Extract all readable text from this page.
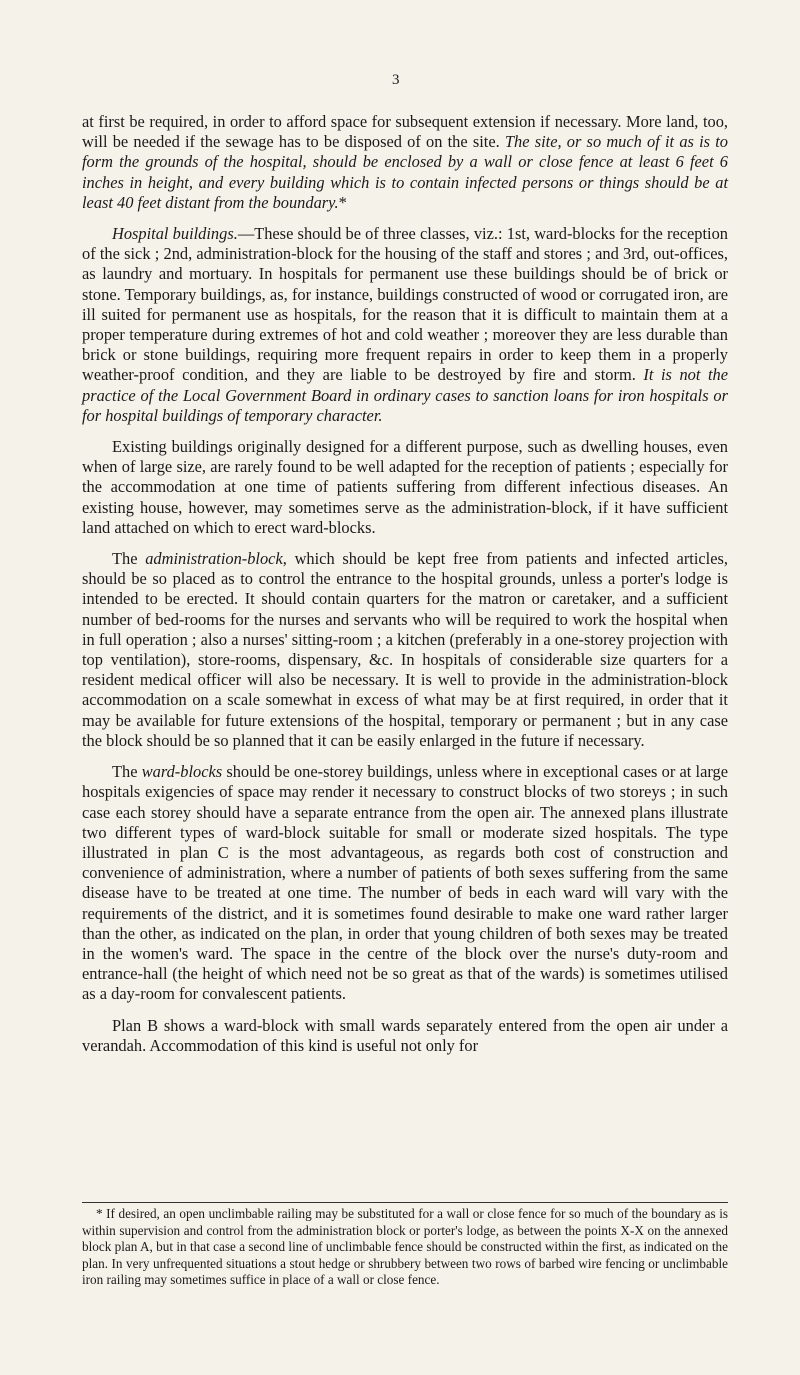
3

at first be required, in order to afford space for subsequent extension if necessary. More land, too, will be needed if the sewage has to be disposed of on the site. The site, or so much of it as is to form the grounds of the hospital, should be enclosed by a wall or close fence at least 6 feet 6 inches in height, and every building which is to contain infected persons or things should be at least 40 feet distant from the boundary.*

Hospital buildings.—These should be of three classes, viz.: 1st, ward-blocks for the reception of the sick ; 2nd, administration-block for the housing of the staff and stores ; and 3rd, out-offices, as laundry and mortuary. In hospitals for permanent use these buildings should be of brick or stone. Temporary buildings, as, for instance, buildings constructed of wood or corrugated iron, are ill suited for permanent use as hospitals, for the reason that it is difficult to maintain them at a proper temperature during extremes of hot and cold weather ; moreover they are less durable than brick or stone buildings, requiring more frequent repairs in order to keep them in a properly weather-proof condition, and they are liable to be destroyed by fire and storm. It is not the practice of the Local Government Board in ordinary cases to sanction loans for iron hospitals or for hospital buildings of temporary character.

Existing buildings originally designed for a different purpose, such as dwelling houses, even when of large size, are rarely found to be well adapted for the reception of patients ; especially for the accommodation at one time of patients suffering from different infectious diseases. An existing house, however, may sometimes serve as the administration-block, if it have sufficient land attached on which to erect ward-blocks.

The administration-block, which should be kept free from patients and infected articles, should be so placed as to control the entrance to the hospital grounds, unless a porter's lodge is intended to be erected. It should contain quarters for the matron or caretaker, and a sufficient number of bed-rooms for the nurses and servants who will be required to work the hospital when in full operation ; also a nurses' sitting-room ; a kitchen (preferably in a one-storey projection with top ventilation), store-rooms, dispensary, &c. In hospitals of considerable size quarters for a resident medical officer will also be necessary. It is well to provide in the administration-block accommodation on a scale somewhat in excess of what may be at first required, in order that it may be available for future extensions of the hospital, temporary or permanent ; but in any case the block should be so planned that it can be easily enlarged in the future if necessary.

The ward-blocks should be one-storey buildings, unless where in exceptional cases or at large hospitals exigencies of space may render it necessary to construct blocks of two storeys ; in such case each storey should have a separate entrance from the open air. The annexed plans illustrate two different types of ward-block suitable for small or moderate sized hospitals. The type illustrated in plan C is the most advantageous, as regards both cost of construction and convenience of administration, where a number of patients of both sexes suffering from the same disease have to be treated at one time. The number of beds in each ward will vary with the requirements of the district, and it is sometimes found desirable to make one ward rather larger than the other, as indicated on the plan, in order that young children of both sexes may be treated in the women's ward. The space in the centre of the block over the nurse's duty-room and entrance-hall (the height of which need not be so great as that of the wards) is sometimes utilised as a day-room for convalescent patients.

Plan B shows a ward-block with small wards separately entered from the open air under a verandah. Accommodation of this kind is useful not only for

* If desired, an open unclimbable railing may be substituted for a wall or close fence for so much of the boundary as is within supervision and control from the administration block or porter's lodge, as between the points X-X on the annexed block plan A, but in that case a second line of unclimbable fence should be constructed within the first, as indicated on the plan. In very unfrequented situations a stout hedge or shrubbery between two rows of barbed wire fencing or unclimbable iron railing may sometimes suffice in place of a wall or close fence.
